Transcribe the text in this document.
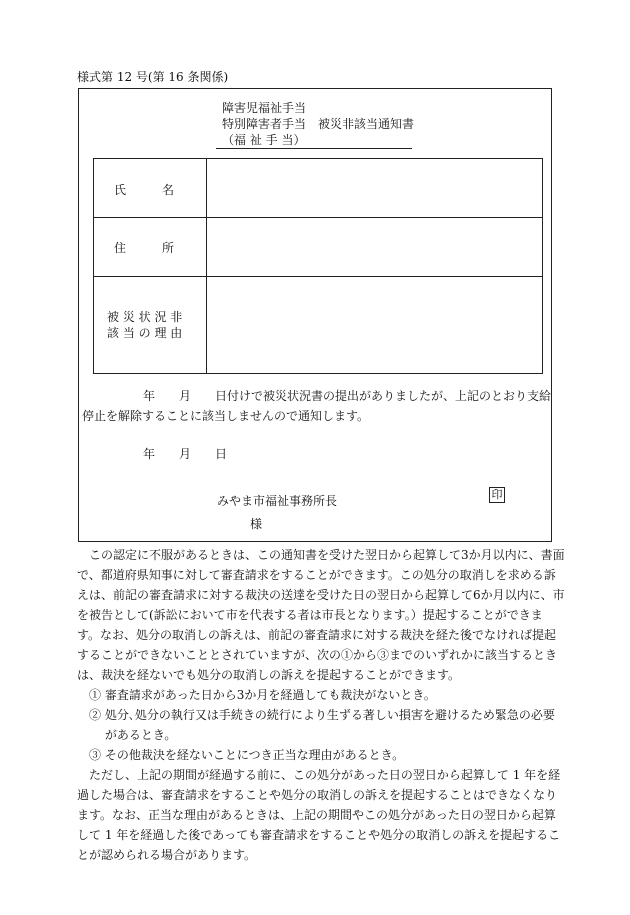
様式第 12 号(第 16 条関係)
障害児福祉手当
特別障害者手当　被災非該当通知書
（福 祉 手 当）
氏　　　名
住　　　所
被 災 状 況 非
該 当 の 理 由
年　　月　　日付けで被災状況書の提出がありましたが、上記のとおり支給
停止を解除することに該当しませんので通知します。
年　　月　　日
みやま市福祉事務所長	印
様
　この認定に不服があるときは、この通知書を受けた翌日から起算して3か月以内に、書面
で、都道府県知事に対して審査請求をすることができます。この処分の取消しを求める訴
えは、前記の審査請求に対する裁決の送達を受けた日の翌日から起算して6か月以内に、市
を被告として(訴訟において市を代表する者は市長となります。）提起することができま
す。なお、処分の取消しの訴えは、前記の審査請求に対する裁決を経た後でなければ提起
することができないこととされていますが、次の①から③までのいずれかに該当するとき
は、裁決を経ないでも処分の取消しの訴えを提起することができます。
　① 審査請求があった日から3か月を経過しても裁決がないとき。
　② 処分､処分の執行又は手続きの続行により生ずる著しい損害を避けるため緊急の必要
　　 があるとき。
　③ その他裁決を経ないことにつき正当な理由があるとき。
　ただし、上記の期間が経過する前に、この処分があった日の翌日から起算して 1 年を経
過した場合は、審査請求をすることや処分の取消しの訴えを提起することはできなくなり
ます。なお、正当な理由があるときは、上記の期間やこの処分があった日の翌日から起算
して 1 年を経過した後であっても審査請求をすることや処分の取消しの訴えを提起するこ
とが認められる場合があります。
